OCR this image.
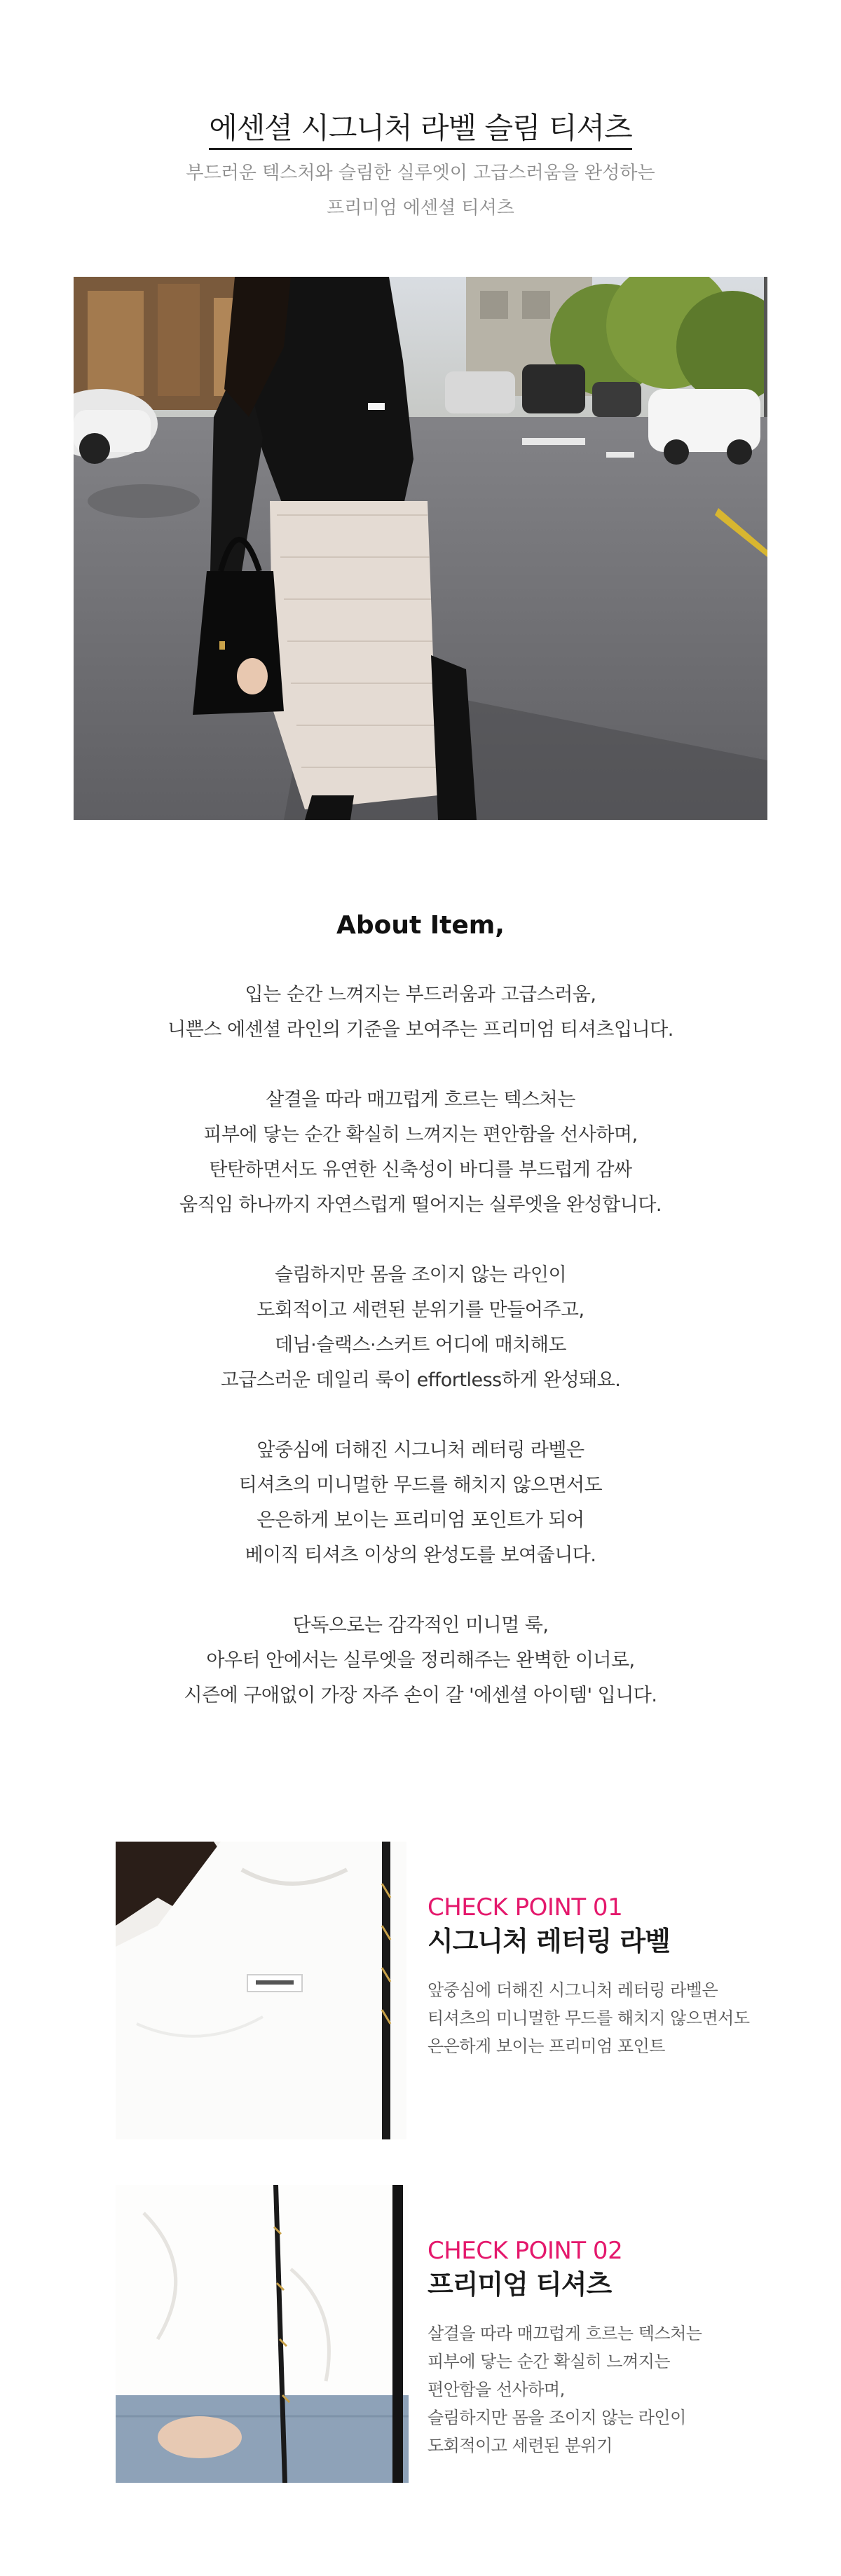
에센셜 시그니처 라벨 슬림 티셔츠
부드러운 텍스처와 슬림한 실루엣이 고급스러움을 완성하는
프리미엄 에센셜 티셔츠
About Item,

입는 순간 느껴지는 부드러움과 고급스러움,
니쁜스 에센셜 라인의 기준을 보여주는 프리미엄 티셔츠입니다.

살결을 따라 매끄럽게 흐르는 텍스처는
피부에 닿는 순간 확실히 느껴지는 편안함을 선사하며,
탄탄하면서도 유연한 신축성이 바디를 부드럽게 감싸
움직임 하나까지 자연스럽게 떨어지는 실루엣을 완성합니다.

슬림하지만 몸을 조이지 않는 라인이
도회적이고 세련된 분위기를 만들어주고,
데님·슬랙스·스커트 어디에 매치해도
고급스러운 데일리 룩이 effortless하게 완성돼요.

앞중심에 더해진 시그니처 레터링 라벨은
티셔츠의 미니멀한 무드를 해치지 않으면서도
은은하게 보이는 프리미엄 포인트가 되어
베이직 티셔츠 이상의 완성도를 보여줍니다.

단독으로는 감각적인 미니멀 룩,
아우터 안에서는 실루엣을 정리해주는 완벽한 이너로,
시즌에 구애없이 가장 자주 손이 갈 '에센셜 아이템' 입니다.

CHECK POINT 01
시그니처 레터링 라벨
앞중심에 더해진 시그니처 레터링 라벨은
티셔츠의 미니멀한 무드를 해치지 않으면서도
은은하게 보이는 프리미엄 포인트
CHECK POINT 02
프리미엄 티셔츠
살결을 따라 매끄럽게 흐르는 텍스처는
피부에 닿는 순간 확실히 느껴지는
편안함을 선사하며,
슬림하지만 몸을 조이지 않는 라인이
도회적이고 세련된 분위기
